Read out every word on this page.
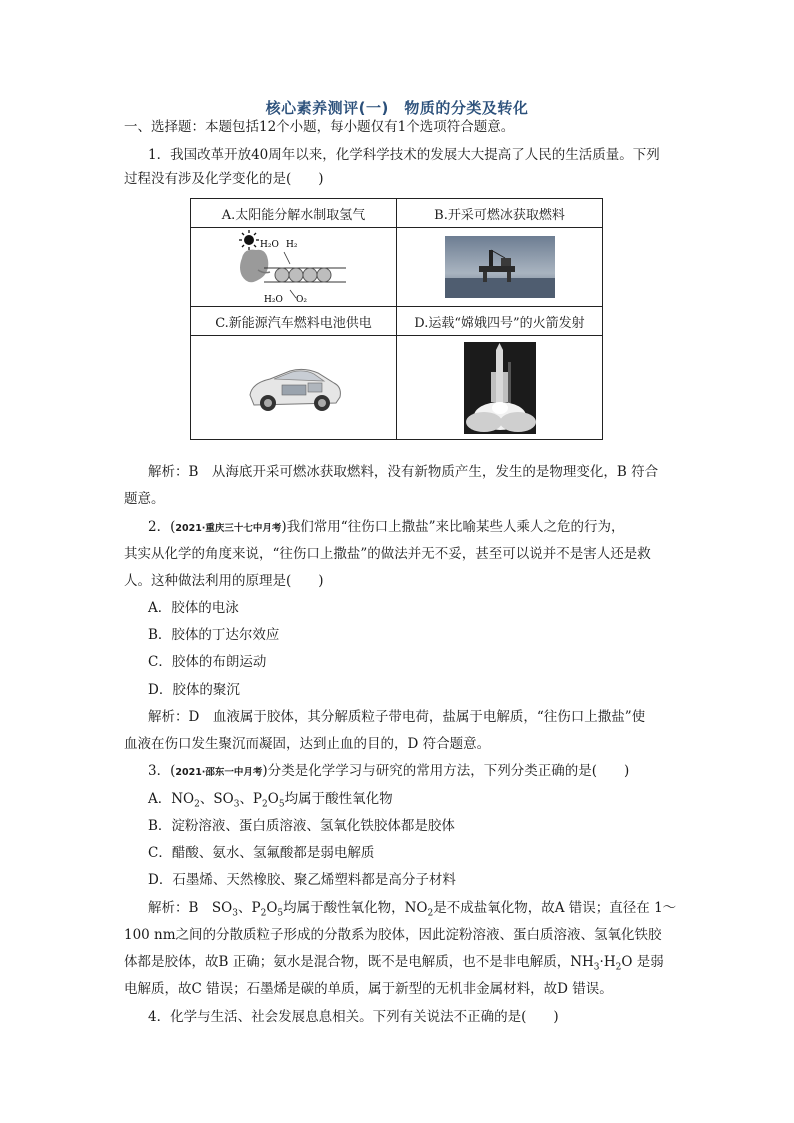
核心素养测评(一)　物质的分类及转化
一、选择题：本题包括12个小题，每小题仅有1个选项符合题意。
1．我国改革开放40周年以来，化学科学技术的发展大大提高了人民的生活质量。下列
过程没有涉及化学变化的是(　　)
A.太阳能分解水制取氢气	B.开采可燃冰获取燃料

H₂O H₂
H₂O O₂

C.新能源汽车燃料电池供电	D.运载“嫦娥四号”的火箭发射

解析：B　从海底开采可燃冰获取燃料，没有新物质产生，发生的是物理变化，B 符合
题意。
2．(2021·重庆三十七中月考)我们常用“往伤口上撒盐”来比喻某些人乘人之危的行为，
其实从化学的角度来说，“往伤口上撒盐”的做法并无不妥，甚至可以说并不是害人还是救
人。这种做法利用的原理是(　　)
A．胶体的电泳
B．胶体的丁达尔效应
C．胶体的布朗运动
D．胶体的聚沉
解析：D　血液属于胶体，其分解质粒子带电荷，盐属于电解质，“往伤口上撒盐”使
血液在伤口发生聚沉而凝固，达到止血的目的，D 符合题意。
3．(2021·邵东一中月考)分类是化学学习与研究的常用方法，下列分类正确的是(　　)
A．$NO_2$、$SO_3$、$P_2O_5$均属于酸性氧化物
B．淀粉溶液、蛋白质溶液、氢氧化铁胶体都是胶体
C．醋酸、氨水、氢氟酸都是弱电解质
D．石墨烯、天然橡胶、聚乙烯塑料都是高分子材料
解析：B　$SO_3$、$P_2O_5$均属于酸性氧化物，$NO_2$是不成盐氧化物，故A 错误；直径在 1～
100 nm之间的分散质粒子形成的分散系为胶体，因此淀粉溶液、蛋白质溶液、氢氧化铁胶
体都是胶体，故B 正确；氨水是混合物，既不是电解质，也不是非电解质，$NH_3\cdot H_2O$ 是弱
电解质，故C 错误；石墨烯是碳的单质，属于新型的无机非金属材料，故D 错误。
4．化学与生活、社会发展息息相关。下列有关说法不正确的是(　　)
